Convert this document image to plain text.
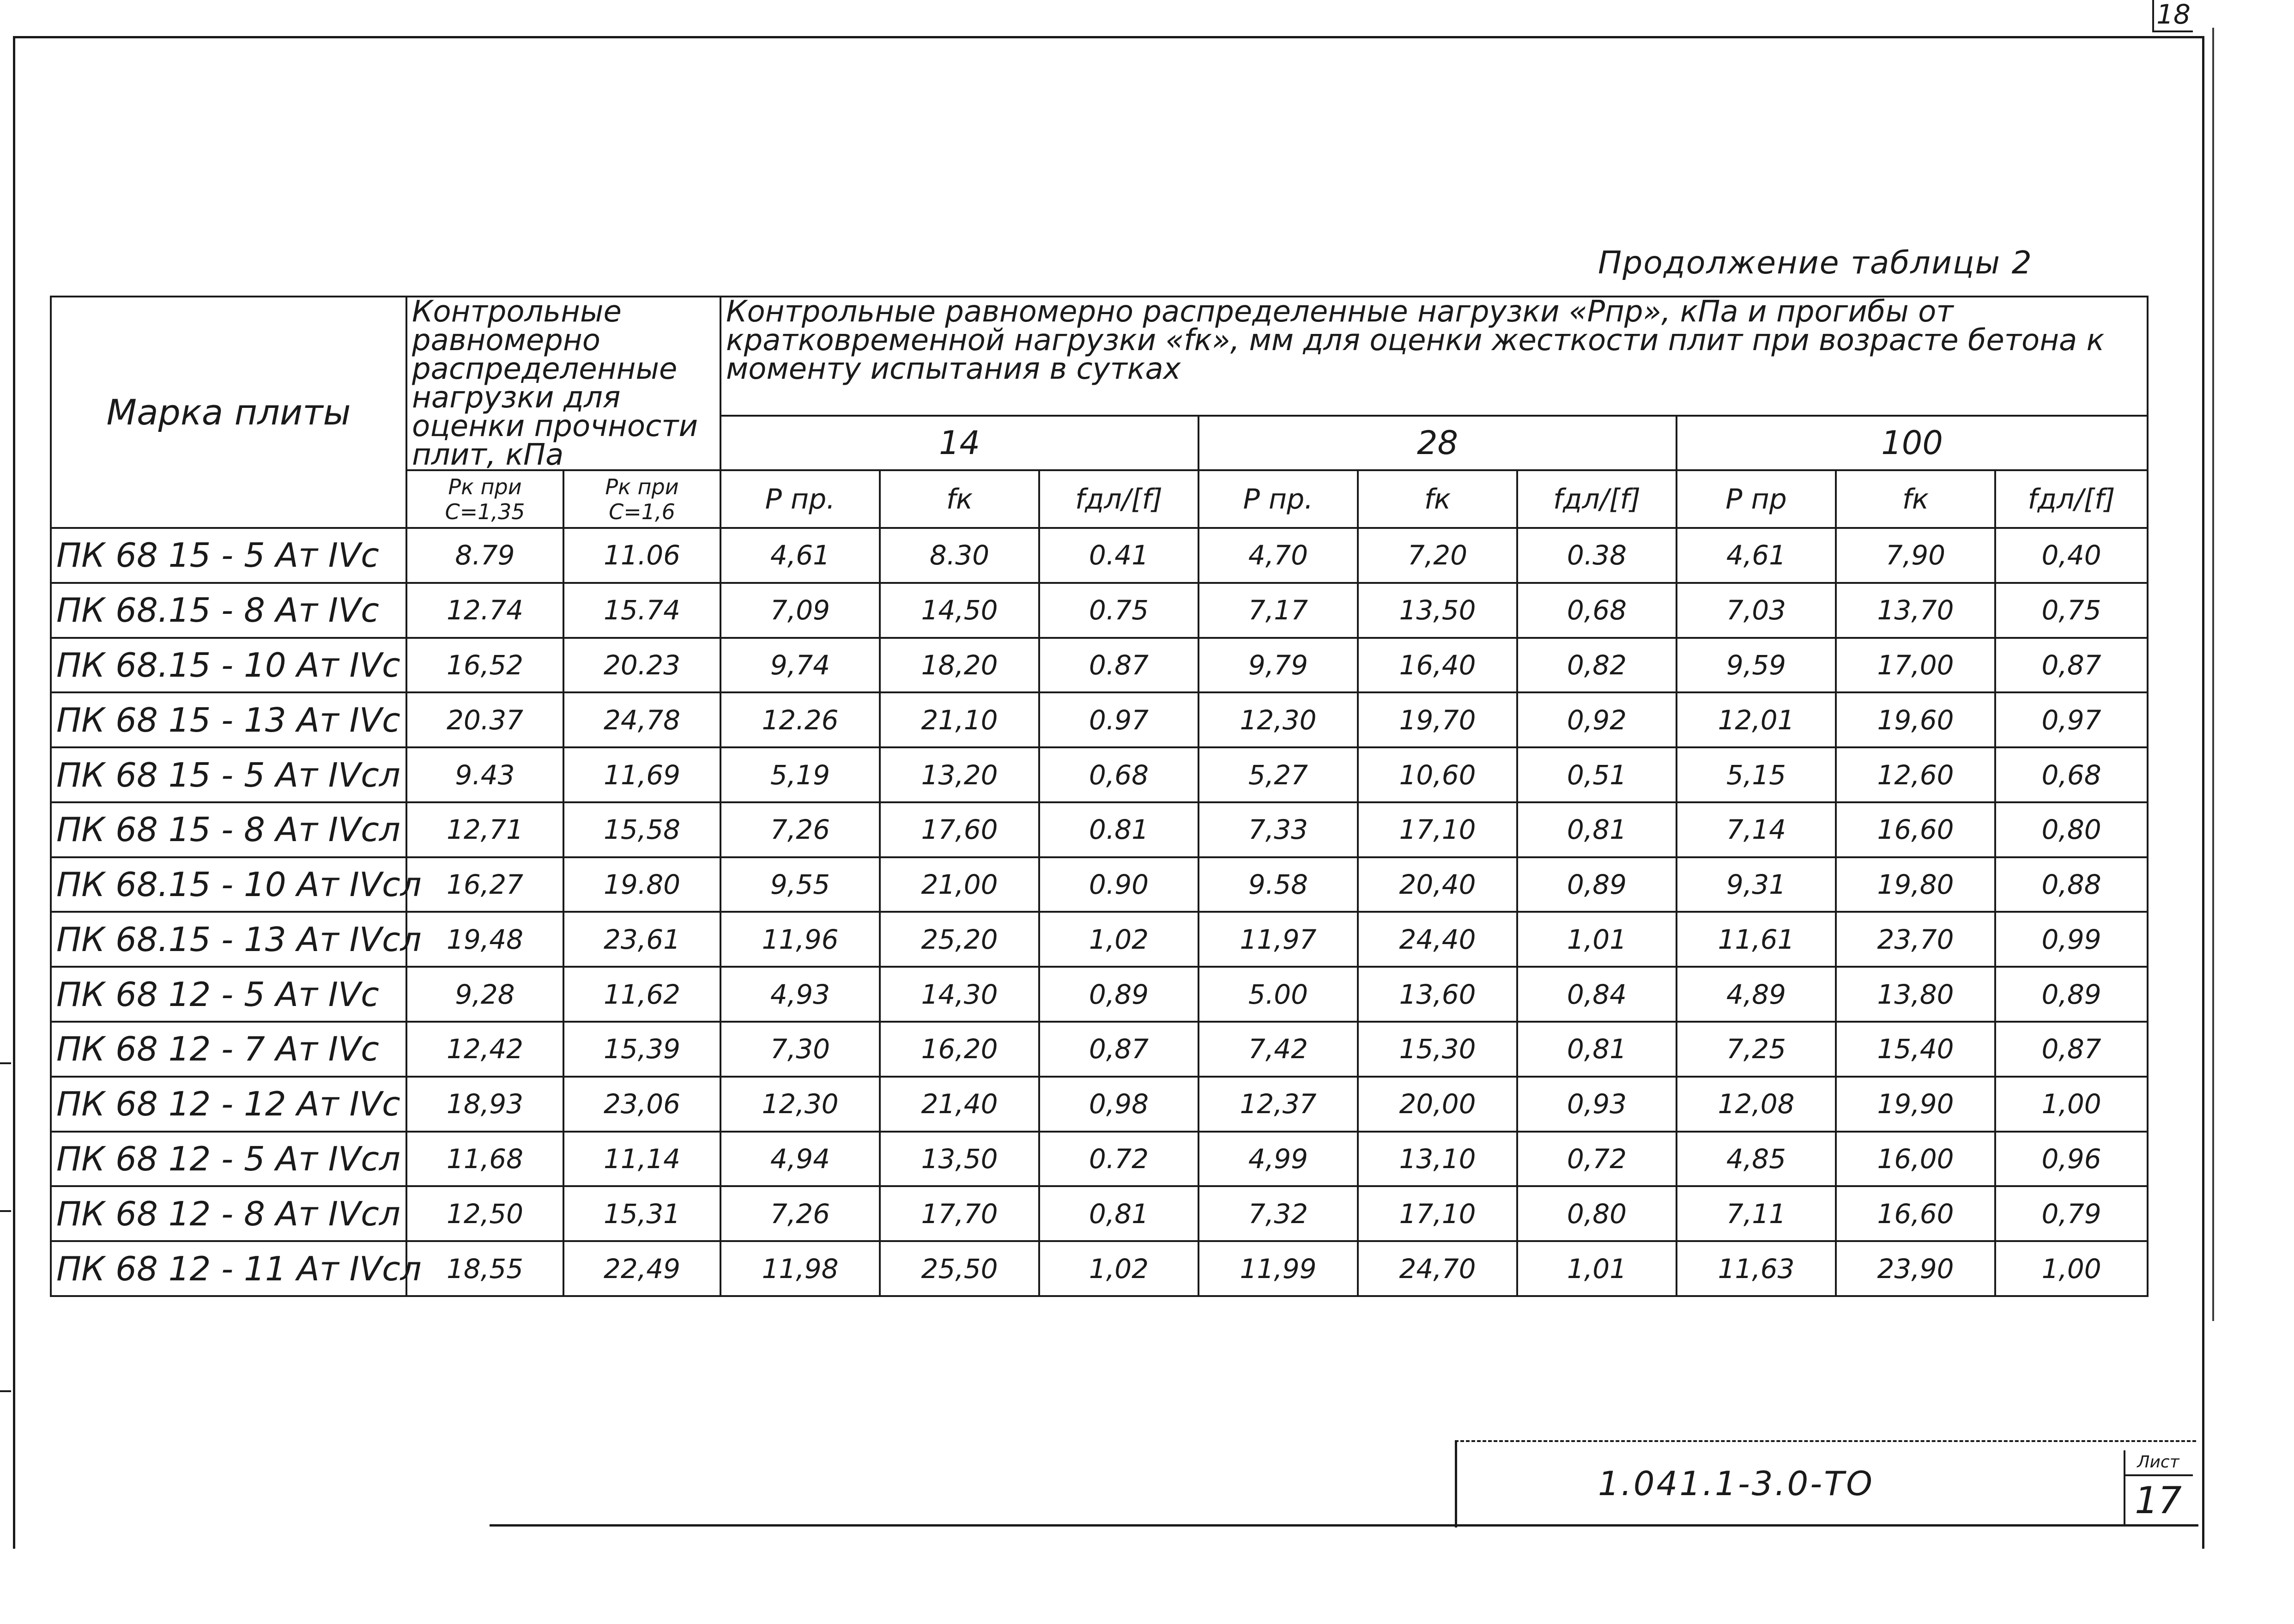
18
Продолжение таблицы 2
Марка плиты	Контрольные равномерно распределенные нагрузки для оценки прочности плит, кПа		Контрольные равномерно распределенные нагрузки «Рпр», кПа и прогибы от кратковременной нагрузки «fк», мм для оценки жесткости плит при возрасте бетона к моменту испытания в сутках								
			14			28			100		
	Рк при С=1,35	Рк при С=1,6	Р пр.	fк	fдл/[f]	Р пр.	fк	fдл/[f]	Р пр	fк	fдл/[f]
ПК 68 15 - 5 Ат IVс	8.79	11.06	4,61	8.30	0.41	4,70	7,20	0.38	4,61	7,90	0,40
ПК 68.15 - 8 Ат IVс	12.74	15.74	7,09	14,50	0.75	7,17	13,50	0,68	7,03	13,70	0,75
ПК 68.15 - 10 Ат IVс	16,52	20.23	9,74	18,20	0.87	9,79	16,40	0,82	9,59	17,00	0,87
ПК 68 15 - 13 Ат IVс	20.37	24,78	12.26	21,10	0.97	12,30	19,70	0,92	12,01	19,60	0,97
ПК 68 15 - 5 Ат IVсл	9.43	11,69	5,19	13,20	0,68	5,27	10,60	0,51	5,15	12,60	0,68
ПК 68 15 - 8 Ат IVсл	12,71	15,58	7,26	17,60	0.81	7,33	17,10	0,81	7,14	16,60	0,80
ПК 68.15 - 10 Ат IVсл	16,27	19.80	9,55	21,00	0.90	9.58	20,40	0,89	9,31	19,80	0,88
ПК 68.15 - 13 Ат IVсл	19,48	23,61	11,96	25,20	1,02	11,97	24,40	1,01	11,61	23,70	0,99
ПК 68 12 - 5 Ат IVс	9,28	11,62	4,93	14,30	0,89	5.00	13,60	0,84	4,89	13,80	0,89
ПК 68 12 - 7 Ат IVс	12,42	15,39	7,30	16,20	0,87	7,42	15,30	0,81	7,25	15,40	0,87
ПК 68 12 - 12 Ат IVс	18,93	23,06	12,30	21,40	0,98	12,37	20,00	0,93	12,08	19,90	1,00
ПК 68 12 - 5 Ат IVсл	11,68	11,14	4,94	13,50	0.72	4,99	13,10	0,72	4,85	16,00	0,96
ПК 68 12 - 8 Ат IVсл	12,50	15,31	7,26	17,70	0,81	7,32	17,10	0,80	7,11	16,60	0,79
ПК 68 12 - 11 Ат IVсл	18,55	22,49	11,98	25,50	1,02	11,99	24,70	1,01	11,63	23,90	1,00
1.041.1-3.0-ТО
Лист
17
